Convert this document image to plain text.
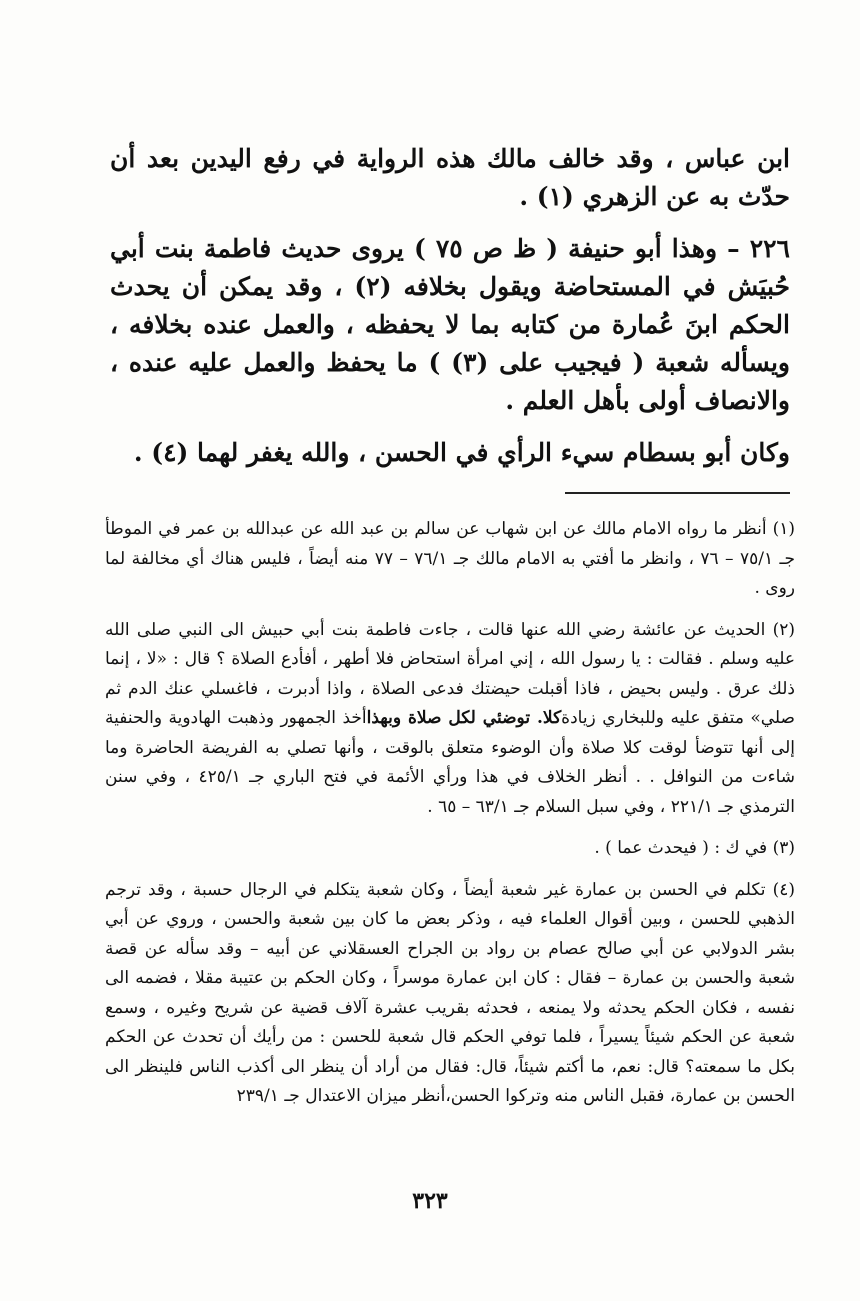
ابن عباس ، وقد خالف مالك هذه الرواية في رفع اليدين بعد أن حدّث به عن الزهري (١) .

٢٢٦ – وهذا أبو حنيفة ( ظ ص ٧٥ ) يروى حديث فاطمة بنت أبي حُبيَش في المستحاضة ويقول بخلافه (٢) ، وقد يمكن أن يحدث الحكم ابنَ عُمارة من كتابه بما لا يحفظه ، والعمل عنده بخلافه ، ويسأله شعبة ( فيجيب على (٣) ) ما يحفظ والعمل عليه عنده ، والانصاف أولى بأهل العلم .

وكان أبو بسطام سيء الرأي في الحسن ، والله يغفر لهما (٤) .

(١) أنظر ما رواه الامام مالك عن ابن شهاب عن سالم بن عبد الله عن عبدالله بن عمر في الموطأ جـ ٧٥/١ – ٧٦ ، وانظر ما أفتي به الامام مالك جـ ٧٦/١ – ٧٧ منه أيضاً ، فليس هناك أي مخالفة لما روى .

(٢) الحديث عن عائشة رضي الله عنها قالت ، جاءت فاطمة بنت أبي حبيش الى النبي صلى الله عليه وسلم . فقالت : يا رسول الله ، إني امرأة استحاض فلا أطهر ، أفأدع الصلاة ؟ قال : «لا ، إنما ذلك عرق . وليس بحيض ، فاذا أقبلت حيضتك فدعى الصلاة ، واذا أدبرت ، فاغسلي عنك الدم ثم صلي» متفق عليه وللبخاري زيادةكلا. توضئي لكل صلاة وبهذاأخذ الجمهور وذهبت الهادوية والحنفية إلى أنها تتوضأ لوقت كلا صلاة وأن الوضوء متعلق بالوقت ، وأنها تصلي به الفريضة الحاضرة وما شاءت من النوافل . . أنظر الخلاف في هذا ورأي الأئمة في فتح الباري جـ ٤٢٥/١ ، وفي سنن الترمذي جـ ٢٢١/١ ، وفي سبل السلام جـ ٦٣/١ – ٦٥ .

(٣) في ك : ( فيحدث عما ) .

(٤) تكلم في الحسن بن عمارة غير شعبة أيضاً ، وكان شعبة يتكلم في الرجال حسبة ، وقد ترجم الذهبي للحسن ، وبين أقوال العلماء فيه ، وذكر بعض ما كان بين شعبة والحسن ، وروي عن أبي بشر الدولابي عن أبي صالح عصام بن رواد بن الجراح العسقلاني عن أبيه – وقد سأله عن قصة شعبة والحسن بن عمارة – فقال : كان ابن عمارة موسراً ، وكان الحكم بن عتيبة مقلا ، فضمه الى نفسه ، فكان الحكم يحدثه ولا يمنعه ، فحدثه بقريب عشرة آلاف قضية عن شريح وغيره ، وسمع شعبة عن الحكم شيئاً يسيراً ، فلما توفي الحكم قال شعبة للحسن : من رأيك أن تحدث عن الحكم بكل ما سمعته؟ قال: نعم، ما أكتم شيئاً، قال: فقال من أراد أن ينظر الى أكذب الناس فلينظر الى الحسن بن عمارة، فقبل الناس منه وتركوا الحسن،أنظر ميزان الاعتدال جـ ٢٣٩/١

٣٢٣
